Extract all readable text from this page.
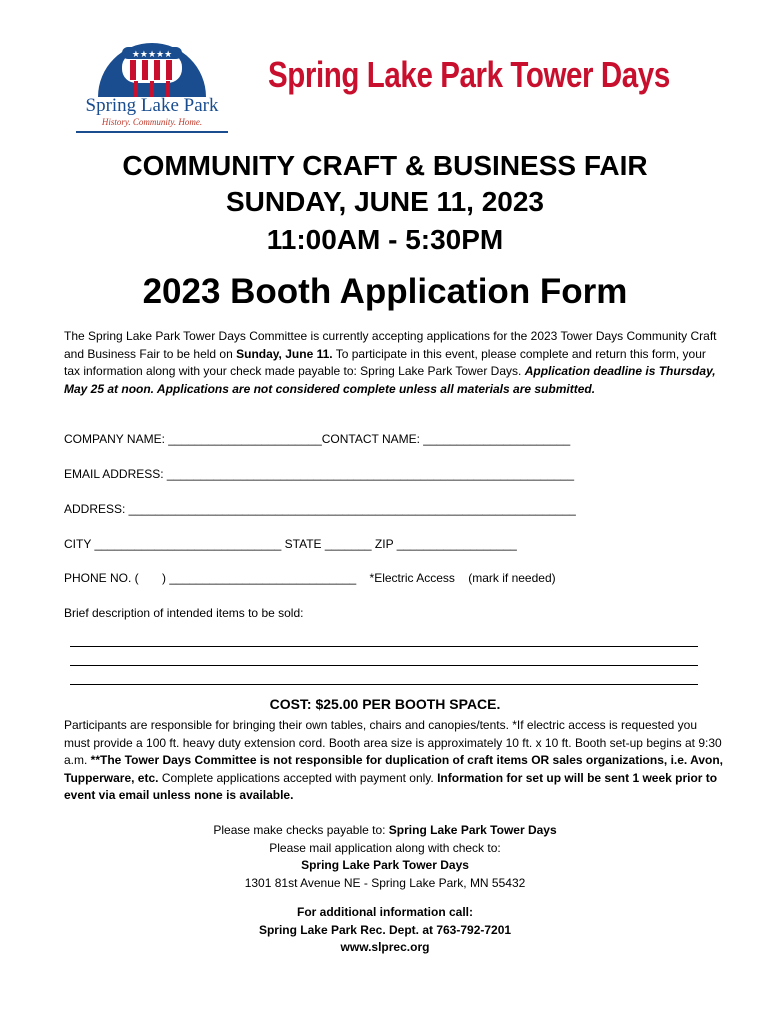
★★★★★
Spring Lake Park
History. Community. Home.
Spring Lake Park Tower Days
COMMUNITY CRAFT & BUSINESS FAIR
SUNDAY, JUNE 11, 2023
11:00AM - 5:30PM
2023 Booth Application Form
The Spring Lake Park Tower Days Committee is currently accepting applications for the 2023 Tower Days Community Craft and Business Fair to be held on Sunday, June 11. To participate in this event, please complete and return this form, your tax information along with your check made payable to: Spring Lake Park Tower Days. Application deadline is Thursday, May 25 at noon. Applications are not considered complete unless all materials are submitted.
COMPANY NAME: _______________________CONTACT NAME: ______________________
EMAIL ADDRESS: _____________________________________________________________
ADDRESS: ___________________________________________________________________
CITY ____________________________ STATE _______ ZIP __________________
PHONE NO. (       ) ____________________________    *Electric Access    (mark if needed)
Brief description of intended items to be sold:
COST: $25.00 PER BOOTH SPACE.
Participants are responsible for bringing their own tables, chairs and canopies/tents. *If electric access is requested you must provide a 100 ft. heavy duty extension cord. Booth area size is approximately 10 ft. x 10 ft. Booth set-up begins at 9:30 a.m. **The Tower Days Committee is not responsible for duplication of craft items OR sales organizations, i.e. Avon, Tupperware, etc. Complete applications accepted with payment only. Information for set up will be sent 1 week prior to event via email unless none is available.
Please make checks payable to: Spring Lake Park Tower Days
Please mail application along with check to:
Spring Lake Park Tower Days
1301 81st Avenue NE - Spring Lake Park, MN 55432
For additional information call:
Spring Lake Park Rec. Dept. at 763-792-7201
www.slprec.org
